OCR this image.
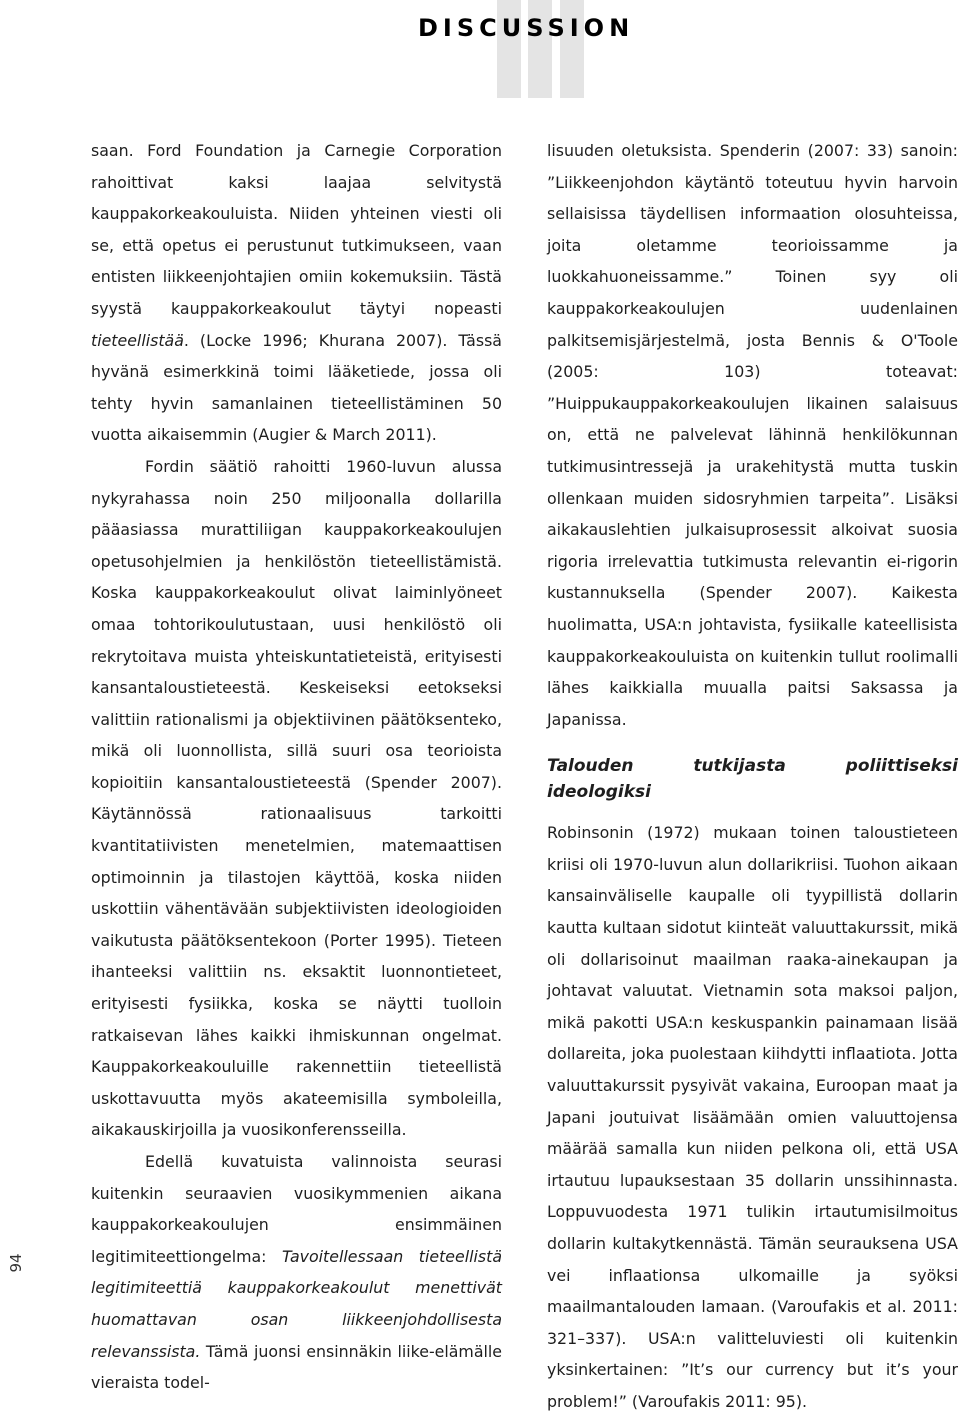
DISCUSSION
94

saan. Ford Foundation ja Carnegie Corporation rahoittivat kaksi laajaa selvitystä kauppakorkeakouluista. Niiden yhteinen viesti oli se, että opetus ei perustunut tutkimukseen, vaan entisten liikkeenjohtajien omiin kokemuksiin. Tästä syystä kauppakorkeakoulut täytyi nopeasti tieteellistää. (Locke 1996; Khurana 2007). Tässä hyvänä esimerkkinä toimi lääketiede, jossa oli tehty hyvin samanlainen tieteellistäminen 50 vuotta aikaisemmin (Augier & March 2011).

Fordin säätiö rahoitti 1960-luvun alussa nykyrahassa noin 250 miljoonalla dollarilla pääasiassa murattiliigan kauppakorkeakoulujen opetusohjelmien ja henkilöstön tieteellistämistä. Koska kauppakorkeakoulut olivat laiminlyöneet omaa tohtorikoulutustaan, uusi henkilöstö oli rekrytoitava muista yhteiskuntatieteistä, erityisesti kansantaloustieteestä. Keskeiseksi eetokseksi valittiin rationalismi ja objektiivinen päätöksenteko, mikä oli luonnollista, sillä suuri osa teorioista kopioitiin kansantaloustieteestä (Spender 2007). Käytännössä rationaalisuus tarkoitti kvantitatiivisten menetelmien, matemaattisen optimoinnin ja tilastojen käyttöä, koska niiden uskottiin vähentävään subjektiivisten ideologioiden vaikutusta päätöksentekoon (Porter 1995). Tieteen ihanteeksi valittiin ns. eksaktit luonnontieteet, erityisesti fysiikka, koska se näytti tuolloin ratkaisevan lähes kaikki ihmiskunnan ongelmat. Kauppakorkeakouluille rakennettiin tieteellistä uskottavuutta myös akateemisilla symboleilla, aikakauskirjoilla ja vuosikonferensseilla.

Edellä kuvatuista valinnoista seurasi kuitenkin seuraavien vuosikymmenien aikana kauppakorkeakoulujen ensimmäinen legitimiteettiongelma: Tavoitellessaan tieteellistä legitimiteettiä kauppakorkeakoulut menettivät huomattavan osan liikkeenjohdollisesta relevanssista. Tämä juonsi ensinnäkin liike-elämälle vieraista todel-

lisuuden oletuksista. Spenderin (2007: 33) sanoin: ”Liikkeenjohdon käytäntö toteutuu hyvin harvoin sellaisissa täydellisen informaation olosuhteissa, joita oletamme teorioissamme ja luokkahuoneissamme.” Toinen syy oli kauppakorkeakoulujen uudenlainen palkitsemisjärjestelmä, josta Bennis & O'Toole (2005: 103) toteavat: ”Huippukauppakorkeakoulujen likainen salaisuus on, että ne palvelevat lähinnä henkilökunnan tutkimusintressejä ja urakehitystä mutta tuskin ollenkaan muiden sidosryhmien tarpeita”. Lisäksi aikakauslehtien julkaisuprosessit alkoivat suosia rigoria irrelevattia tutkimusta relevantin ei-rigorin kustannuksella (Spender 2007). Kaikesta huolimatta, USA:n johtavista, fysiikalle kateellisista kauppakorkeakouluista on kuitenkin tullut roolimalli lähes kaikkialla muualla paitsi Saksassa ja Japanissa.

Talouden tutkijasta poliittiseksi ideologiksi

Robinsonin (1972) mukaan toinen taloustieteen kriisi oli 1970-luvun alun dollarikriisi. Tuohon aikaan kansainväliselle kaupalle oli tyypillistä dollarin kautta kultaan sidotut kiinteät valuuttakurssit, mikä oli dollarisoinut maailman raaka-ainekaupan ja johtavat valuutat. Vietnamin sota maksoi paljon, mikä pakotti USA:n keskuspankin painamaan lisää dollareita, joka puolestaan kiihdytti inflaatiota. Jotta valuuttakurssit pysyivät vakaina, Euroopan maat ja Japani joutuivat lisäämään omien valuuttojensa määrää samalla kun niiden pelkona oli, että USA irtautuu lupauksestaan 35 dollarin unssihinnasta. Loppuvuodesta 1971 tulikin irtautumisilmoitus dollarin kultakytkennästä. Tämän seurauksena USA vei inflaationsa ulkomaille ja syöksi maailmantalouden lamaan. (Varoufakis et al. 2011: 321–337). USA:n valitteluviesti oli kuitenkin yksinkertainen: ”It’s our currency but it’s your problem!” (Varoufakis 2011: 95).
